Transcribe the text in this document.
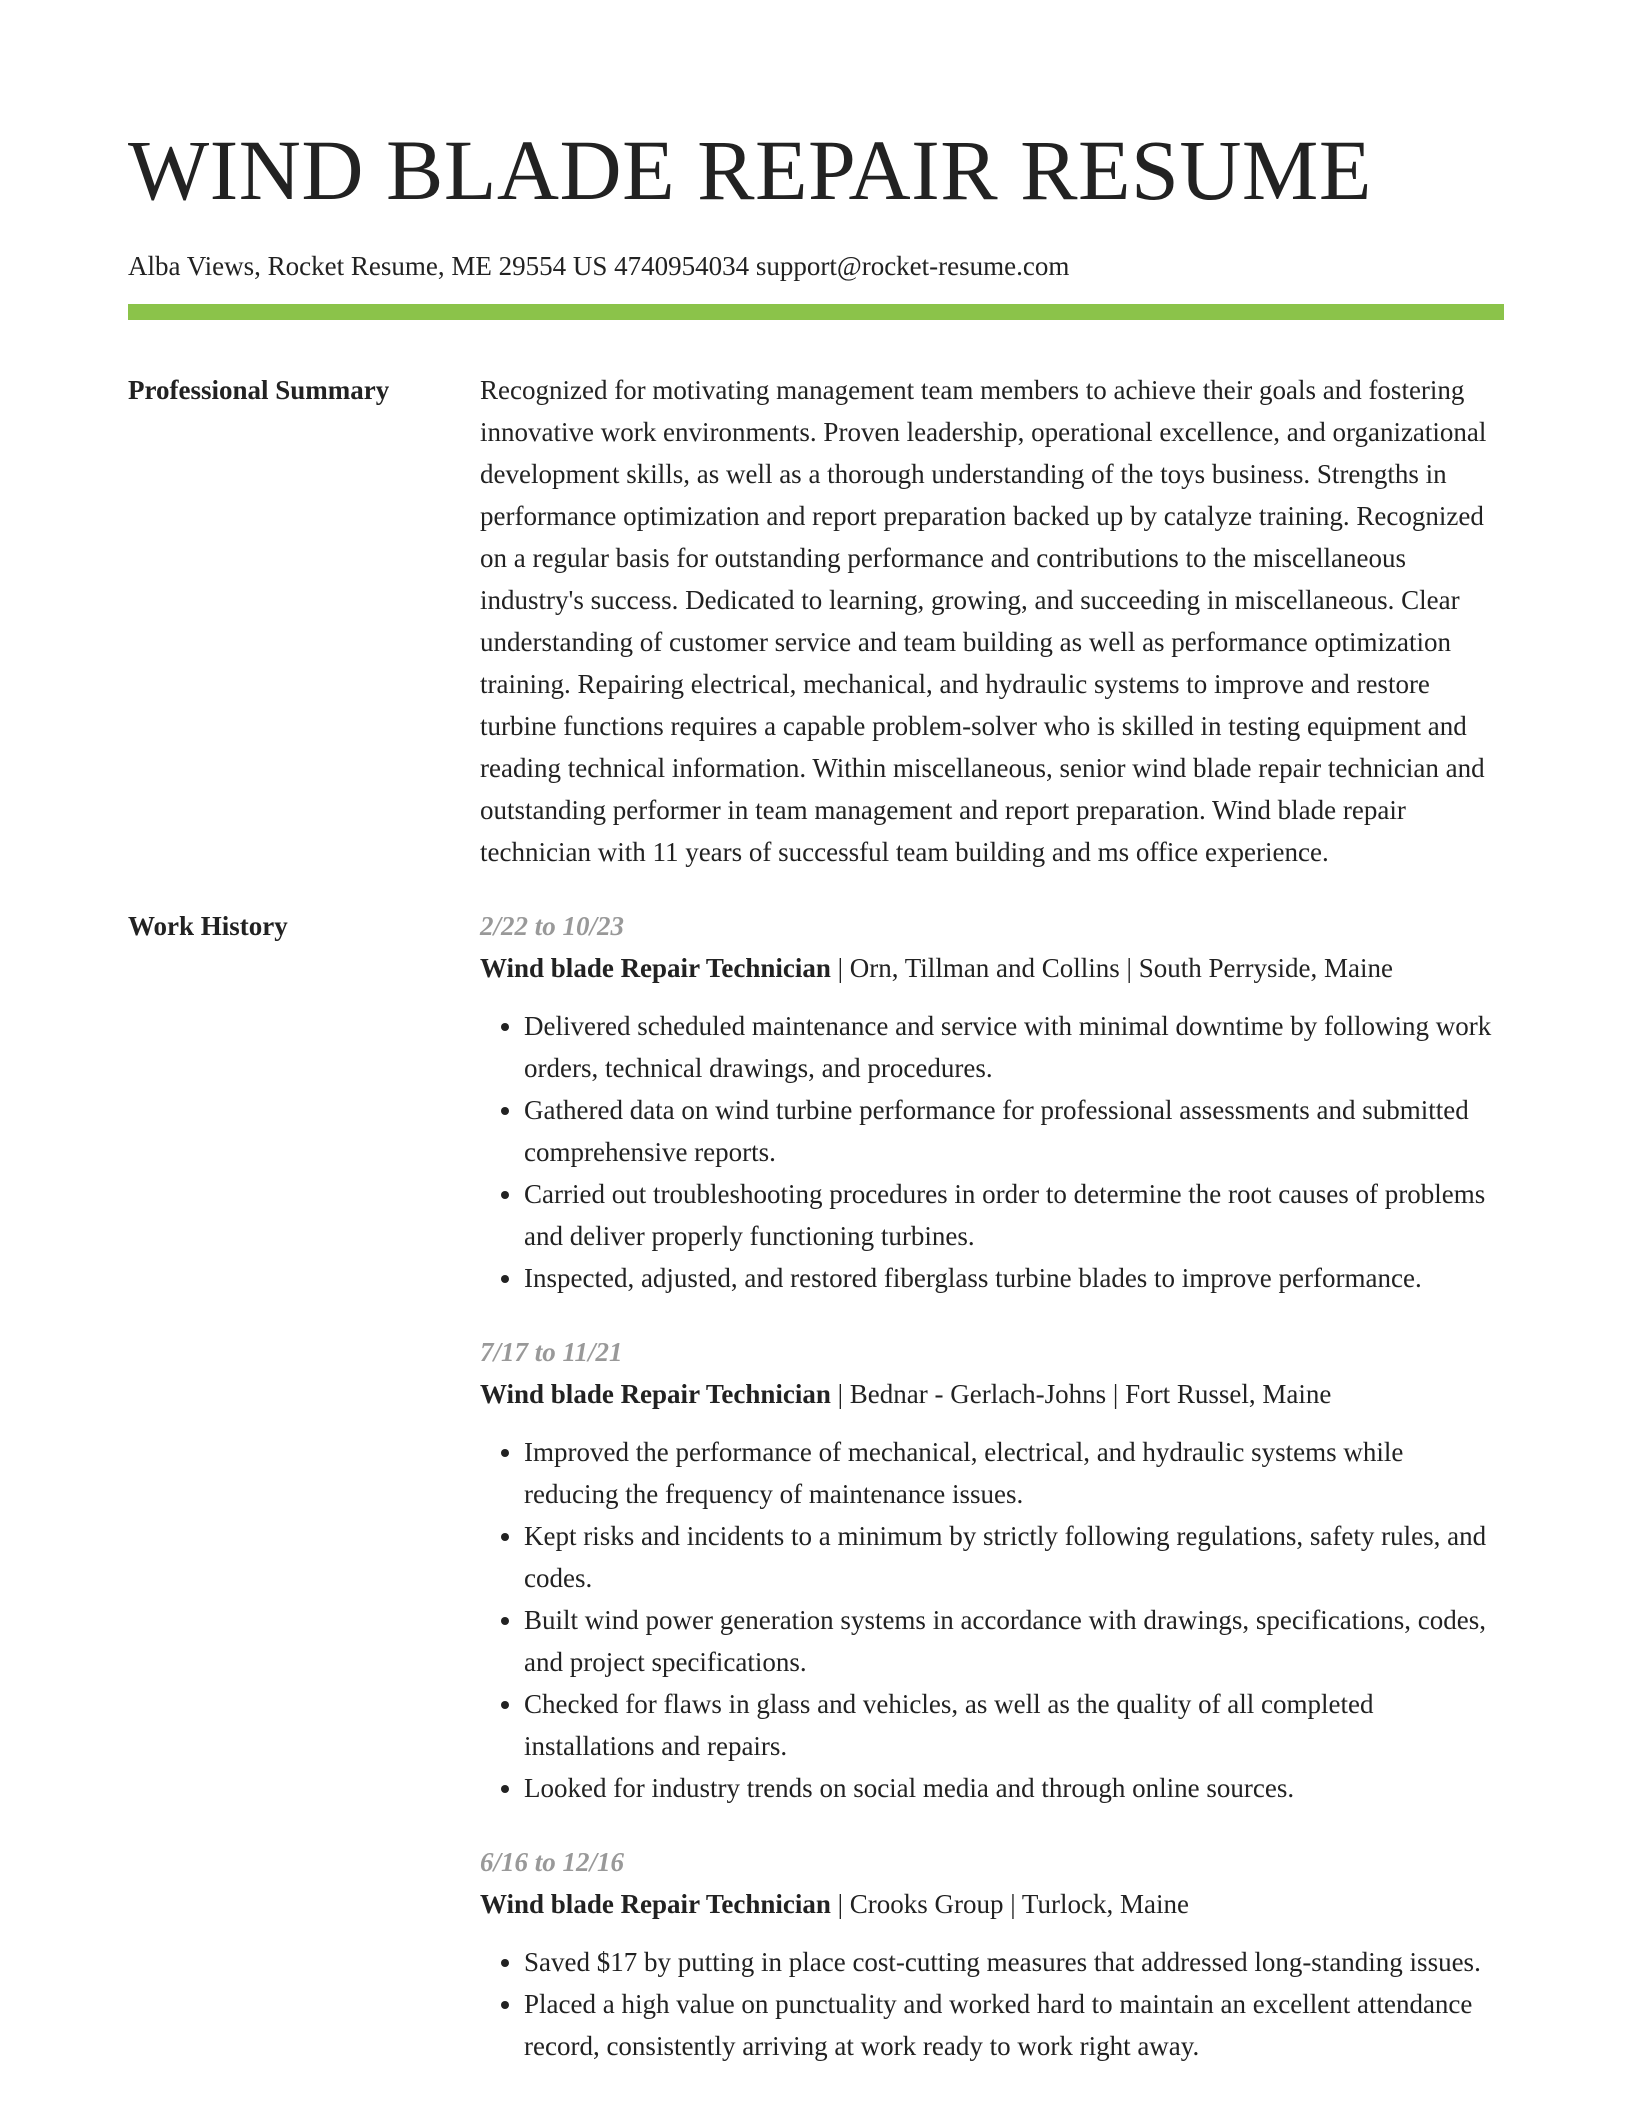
WIND BLADE REPAIR RESUME
Alba Views, Rocket Resume, ME 29554 US 4740954034 support@rocket-resume.com
Professional Summary	Recognized for motivating management team members to achieve their goals and fostering innovative work environments. Proven leadership, operational excellence, and organizational development skills, as well as a thorough understanding of the toys business. Strengths in performance optimization and report preparation backed up by catalyze training. Recognized on a regular basis for outstanding performance and contributions to the miscellaneous industry's success. Dedicated to learning, growing, and succeeding in miscellaneous. Clear understanding of customer service and team building as well as performance optimization training. Repairing electrical, mechanical, and hydraulic systems to improve and restore turbine functions requires a capable problem-solver who is skilled in testing equipment and reading technical information. Within miscellaneous, senior wind blade repair technician and outstanding performer in team management and report preparation. Wind blade repair technician with 11 years of successful team building and ms office experience.
Work History	2/22 to 10/23
Wind blade Repair Technician | Orn, Tillman and Collins | South Perryside, Maine
• Delivered scheduled maintenance and service with minimal downtime by following work orders, technical drawings, and procedures.
• Gathered data on wind turbine performance for professional assessments and submitted comprehensive reports.
• Carried out troubleshooting procedures in order to determine the root causes of problems and deliver properly functioning turbines.
• Inspected, adjusted, and restored fiberglass turbine blades to improve performance.
7/17 to 11/21
Wind blade Repair Technician | Bednar - Gerlach-Johns | Fort Russel, Maine
• Improved the performance of mechanical, electrical, and hydraulic systems while reducing the frequency of maintenance issues.
• Kept risks and incidents to a minimum by strictly following regulations, safety rules, and codes.
• Built wind power generation systems in accordance with drawings, specifications, codes, and project specifications.
• Checked for flaws in glass and vehicles, as well as the quality of all completed installations and repairs.
• Looked for industry trends on social media and through online sources.
6/16 to 12/16
Wind blade Repair Technician | Crooks Group | Turlock, Maine
• Saved $17 by putting in place cost-cutting measures that addressed long-standing issues.
• Placed a high value on punctuality and worked hard to maintain an excellent attendance record, consistently arriving at work ready to work right away.
